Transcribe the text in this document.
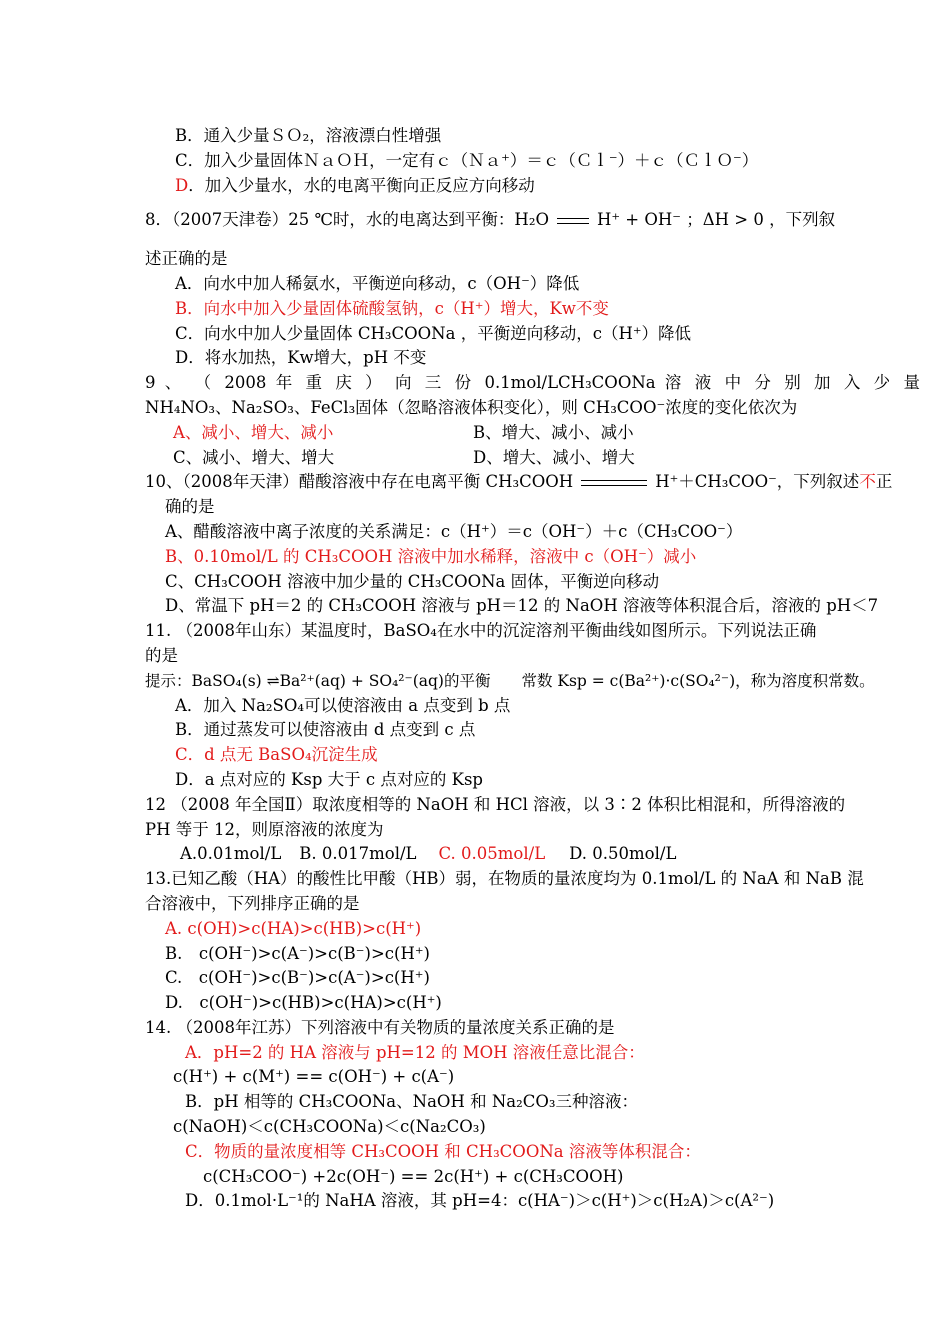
B．通入少量ＳＯ₂，溶液漂白性增强
C．加入少量固体ＮａＯＨ，一定有ｃ（Ｎａ⁺）＝ｃ（Ｃｌ⁻）＋ｃ（ＣｌＯ⁻）
D．加入少量水，水的电离平衡向正反应方向移动
8．（2007天津卷）25 ℃时，水的电离达到平衡：H₂O	H⁺ + OH⁻ ；ΔH > 0 ，下列叙
述正确的是
A．向水中加人稀氨水，平衡逆向移动，c（OH⁻）降低
B．向水中加入少量固体硫酸氢钠，c（H⁺）增大，Kw不变
C．向水中加人少量固体 CH₃COONa ，平衡逆向移动，c（H⁺）降低
D．将水加热，Kw增大，pH 不变
9 、 （ 2008 年 重 庆 ） 向 三 份 0.1mol/LCH₃COONa 溶 液 中 分 别 加 入 少 量
NH₄NO₃、Na₂SO₃、FeCl₃固体（忽略溶液体积变化），则 CH₃COO⁻浓度的变化依次为
A、减小、增大、减小	B、增大、减小、减小
C、减小、增大、增大	D、增大、减小、增大
10、（2008年天津）醋酸溶液中存在电离平衡 CH₃COOH	H⁺＋CH₃COO⁻，下列叙述不正
确的是
A、醋酸溶液中离子浓度的关系满足：c（H⁺）＝c（OH⁻）＋c（CH₃COO⁻）
B、0.10mol/L 的 CH₃COOH 溶液中加水稀释，溶液中 c（OH⁻）减小
C、CH₃COOH 溶液中加少量的 CH₃COONa 固体，平衡逆向移动
D、常温下 pH＝2 的 CH₃COOH 溶液与 pH＝12 的 NaOH 溶液等体积混合后，溶液的 pH＜7
11. （2008年山东）某温度时，BaSO₄在水中的沉淀溶剂平衡曲线如图所示。下列说法正确
的是
提示：BaSO₄(s) ⇌Ba²⁺(aq) + SO₄²⁻(aq)的平衡　　常数 Ksp = c(Ba²⁺)·c(SO₄²⁻)，称为溶度积常数。
A．加入 Na₂SO₄可以使溶液由 a 点变到 b 点
B．通过蒸发可以使溶液由 d 点变到 c 点
C．d 点无 BaSO₄沉淀生成
D．a 点对应的 Ksp 大于 c 点对应的 Ksp
12 （2008 年全国Ⅱ）取浓度相等的 NaOH 和 HCl 溶液，以 3∶2 体积比相混和，所得溶液的
PH 等于 12，则原溶液的浓度为
A.0.01mol/L B. 0.017mol/L C. 0.05mol/L D. 0.50mol/L
13.已知乙酸（HA）的酸性比甲酸（HB）弱，在物质的量浓度均为 0.1mol/L 的 NaA 和 NaB 混
合溶液中，下列排序正确的是
A. c(OH)>c(HA)>c(HB)>c(H⁺)
B.　c(OH⁻)>c(A⁻)>c(B⁻)>c(H⁺)
C.　c(OH⁻)>c(B⁻)>c(A⁻)>c(H⁺)
D.　c(OH⁻)>c(HB)>c(HA)>c(H⁺)
14. （2008年江苏）下列溶液中有关物质的量浓度关系正确的是
A．pH=2 的 HA 溶液与 pH=12 的 MOH 溶液任意比混合：
c(H⁺) + c(M⁺) == c(OH⁻) + c(A⁻)
B．pH 相等的 CH₃COONa、NaOH 和 Na₂CO₃三种溶液：
c(NaOH)＜c(CH₃COONa)＜c(Na₂CO₃)
C．物质的量浓度相等 CH₃COOH 和 CH₃COONa 溶液等体积混合：
c(CH₃COO⁻) +2c(OH⁻) == 2c(H⁺) + c(CH₃COOH)
D．0.1mol·L⁻¹的 NaHA 溶液，其 pH=4：c(HA⁻)＞c(H⁺)＞c(H₂A)＞c(A²⁻)
